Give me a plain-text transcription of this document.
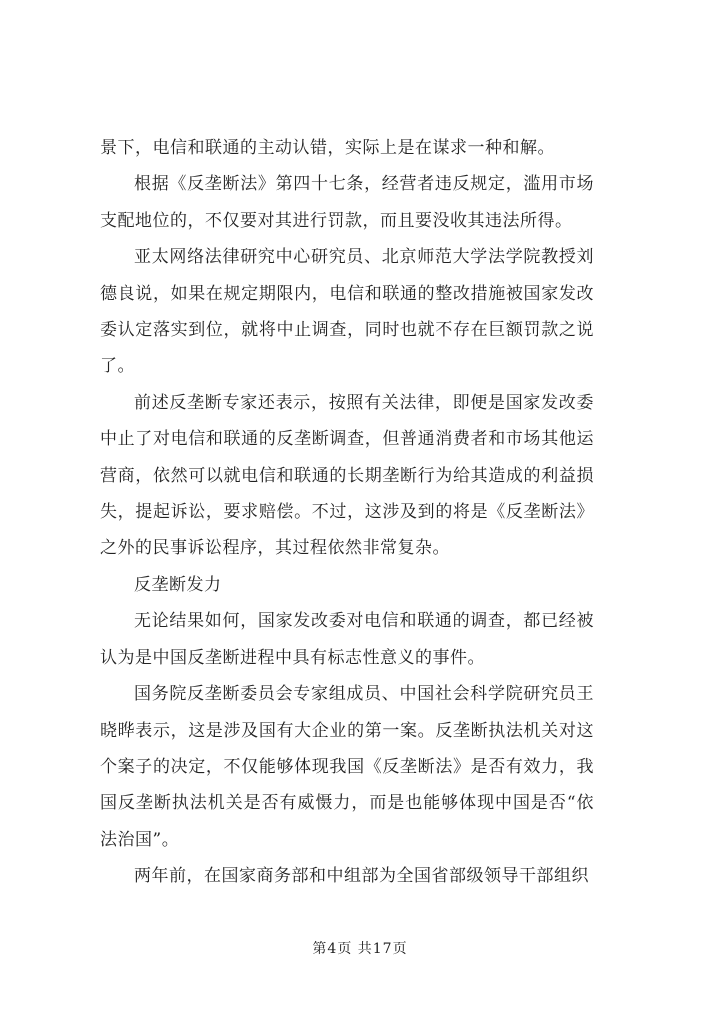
景下，电信和联通的主动认错，实际上是在谋求一种和解。
根据《反垄断法》第四十七条，经营者违反规定，滥用市场
支配地位的，不仅要对其进行罚款，而且要没收其违法所得。
亚太网络法律研究中心研究员、北京师范大学法学院教授刘
德良说，如果在规定期限内，电信和联通的整改措施被国家发改
委认定落实到位，就将中止调查，同时也就不存在巨额罚款之说
了。
前述反垄断专家还表示，按照有关法律，即便是国家发改委
中止了对电信和联通的反垄断调查，但普通消费者和市场其他运
营商，依然可以就电信和联通的长期垄断行为给其造成的利益损
失，提起诉讼，要求赔偿。不过，这涉及到的将是《反垄断法》
之外的民事诉讼程序，其过程依然非常复杂。
反垄断发力
无论结果如何，国家发改委对电信和联通的调查，都已经被
认为是中国反垄断进程中具有标志性意义的事件。
国务院反垄断委员会专家组成员、中国社会科学院研究员王
晓晔表示，这是涉及国有大企业的第一案。反垄断执法机关对这
个案子的决定，不仅能够体现我国《反垄断法》是否有效力，我
国反垄断执法机关是否有威慑力，而是也能够体现中国是否“依
法治国”。
两年前，在国家商务部和中组部为全国省部级领导干部组织
第4页 共17页
